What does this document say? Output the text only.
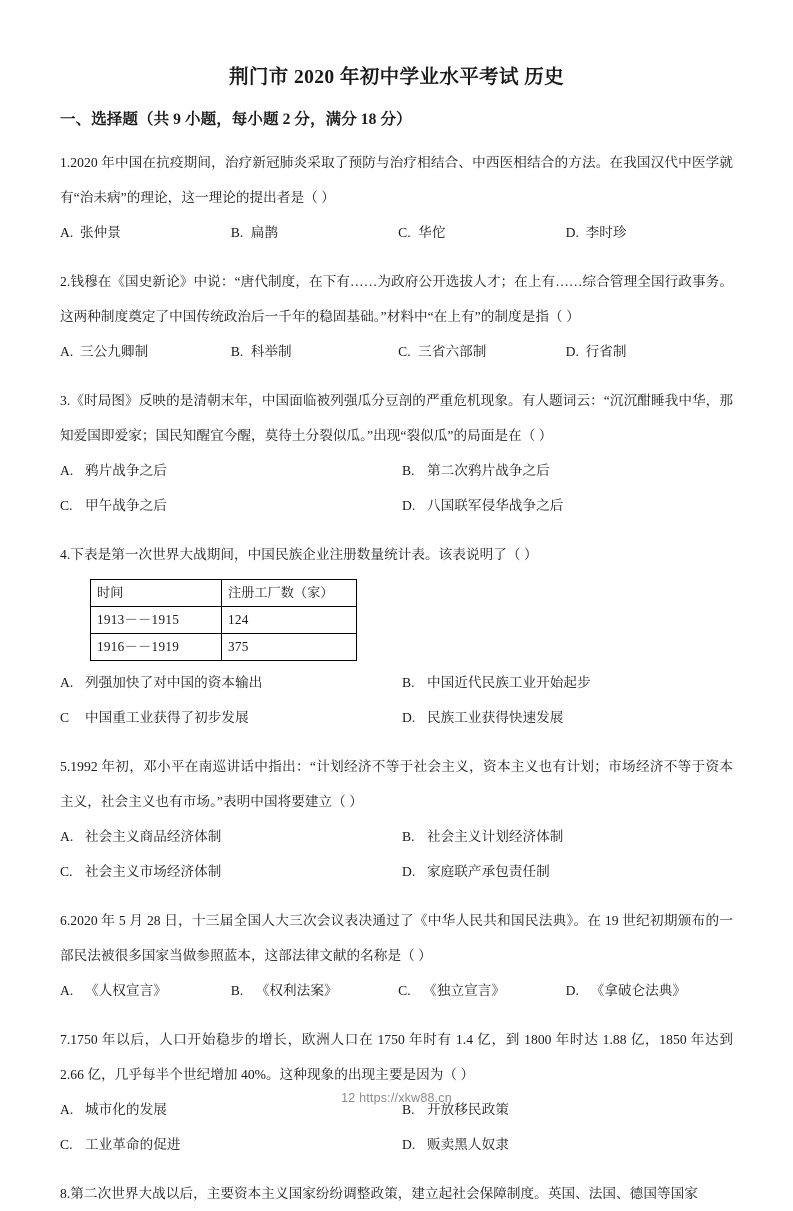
荆门市 2020 年初中学业水平考试 历史
一、选择题（共 9 小题，每小题 2 分，满分 18 分）
1.2020 年中国在抗疫期间，治疗新冠肺炎采取了预防与治疗相结合、中西医相结合的方法。在我国汉代中医学就有“治未病”的理论，这一理论的提出者是（ ）
A. 张仲景	B. 扁鹊	C. 华佗	D. 李时珍
2.钱穆在《国史新论》中说：“唐代制度，在下有……为政府公开选拔人才；在上有……综合管理全国行政事务。这两种制度奠定了中国传统政治后一千年的稳固基础。”材料中“在上有”的制度是指（ ）
A. 三公九卿制	B. 科举制	C. 三省六部制	D. 行省制
3.《时局图》反映的是清朝末年，中国面临被列强瓜分豆剖的严重危机现象。有人题词云：“沉沉酣睡我中华，那知爱国即爱家；国民知醒宜今醒，莫待土分裂似瓜。”出现“裂似瓜”的局面是在（ ）
A. 鸦片战争之后	B. 第二次鸦片战争之后
C. 甲午战争之后	D. 八国联军侵华战争之后
4.下表是第一次世界大战期间，中国民族企业注册数量统计表。该表说明了（ ）
时间	注册工厂数（家）
1913－－1915	124
1916－－1919	375
A. 列强加快了对中国的资本输出	B. 中国近代民族工业开始起步
C 中国重工业获得了初步发展	D. 民族工业获得快速发展
5.1992 年初，邓小平在南巡讲话中指出：“计划经济不等于社会主义，资本主义也有计划；市场经济不等于资本主义，社会主义也有市场。”表明中国将要建立（ ）
A. 社会主义商品经济体制	B. 社会主义计划经济体制
C. 社会主义市场经济体制	D. 家庭联产承包责任制
6.2020 年 5 月 28 日，十三届全国人大三次会议表决通过了《中华人民共和国民法典》。在 19 世纪初期颁布的一部民法被很多国家当做参照蓝本，这部法律文献的名称是（ ）
A. 《人权宣言》	B. 《权利法案》	C. 《独立宣言》	D. 《拿破仑法典》
7.1750 年以后，人口开始稳步的增长，欧洲人口在 1750 年时有 1.4 亿，到 1800 年时达 1.88 亿，1850 年达到 2.66 亿，几乎每半个世纪增加 40%。这种现象的出现主要是因为（ ）
A. 城市化的发展	B. 开放移民政策
C. 工业革命的促进	D. 贩卖黑人奴隶
8.第二次世界大战以后，主要资本主义国家纷纷调整政策，建立起社会保障制度。英国、法国、德国等国家
12 https://xkw88.cn
